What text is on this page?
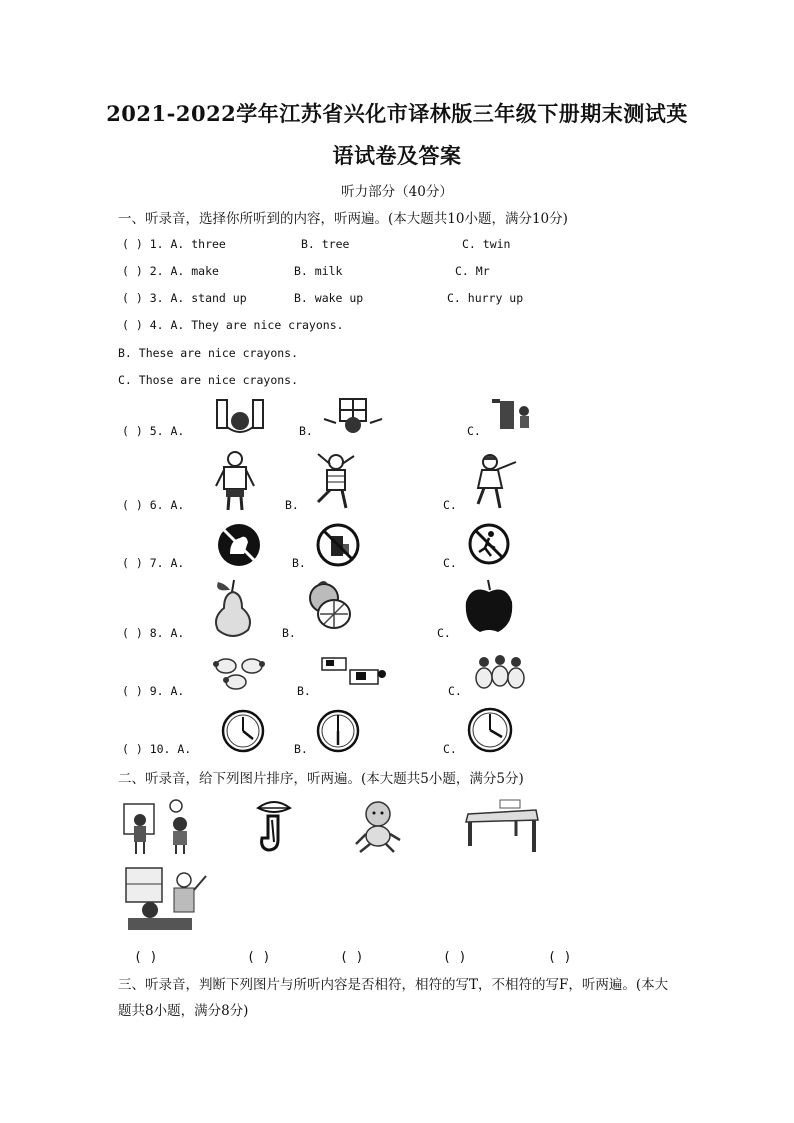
2021-2022学年江苏省兴化市译林版三年级下册期末测试英
语试卷及答案
听力部分（40分）
一、听录音，选择你所听到的内容，听两遍。(本大题共10小题，满分10分)
( ) 1. A. three	B. tree	C. twin
( ) 2. A. make	B. milk	C. Mr
( ) 3. A. stand up	B. wake up	C. hurry up
( ) 4. A. They are nice crayons.
B. These are nice crayons.
C. Those are nice crayons.
( ) 5. A.	B.	C.
( ) 6. A.	B.	C.
( ) 7. A.	B.	C.
( ) 8. A.	B.	C.
( ) 9. A.	B.	C.
( ) 10. A.	B.	C.
二、听录音，给下列图片排序，听两遍。(本大题共5小题，满分5分)
( )	( )	( )	( )	( )
三、听录音，判断下列图片与所听内容是否相符，相符的写T，不相符的写F，听两遍。(本大题共8小题，满分8分)
